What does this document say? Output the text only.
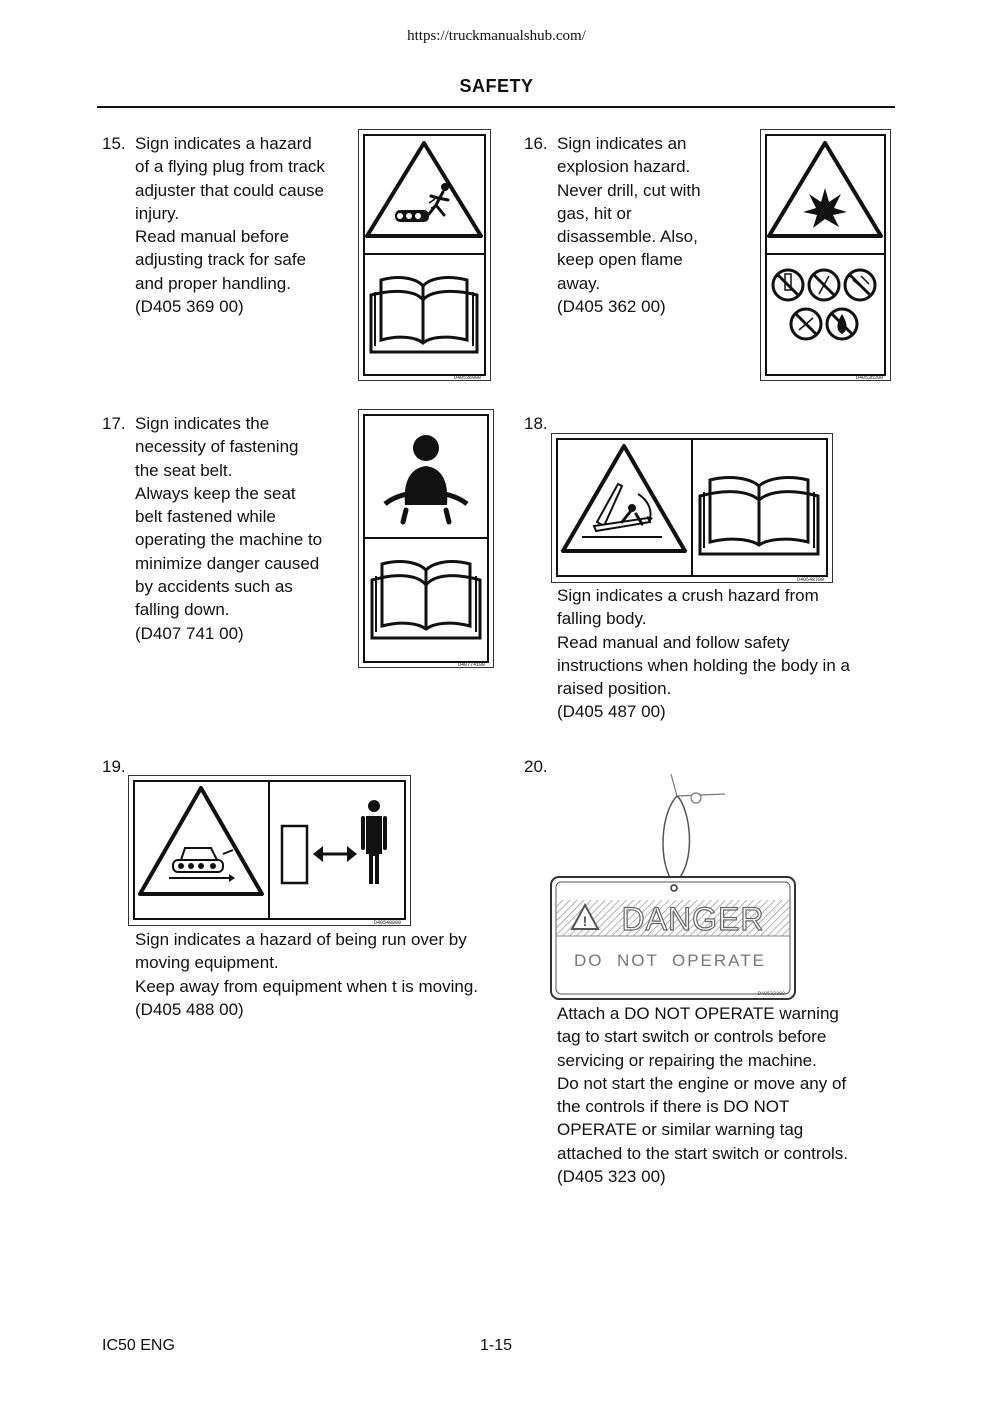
https://truckmanualshub.com/
SAFETY
15. Sign indicates a hazard
of a flying plug from track
adjuster that could cause
injury.
Read manual before
adjusting track for safe
and proper handling.
(D405 369 00)
D40536900
16. Sign indicates an
explosion hazard.
Never drill, cut with
gas, hit or
disassemble. Also,
keep open flame
away.
(D405 362 00)
D40536200
17. Sign indicates the
necessity of fastening
the seat belt.
Always keep the seat
belt fastened while
operating the machine to
minimize danger caused
by accidents such as
falling down.
(D407 741 00)
D40774100
18.
D40548700
Sign indicates a crush hazard from
falling body.
Read manual and follow safety
instructions when holding the body in a
raised position.
(D405 487 00)
19.
D40548800
Sign indicates a hazard of being run over by
moving equipment.
Keep away from equipment when t is moving.
(D405 488 00)
20.
! DANGER
DO  NOT  OPERATE
D40532300
Attach a DO NOT OPERATE warning
tag to start switch or controls before
servicing or repairing the machine.
Do not start the engine or move any of
the controls if there is DO NOT
OPERATE or similar warning tag
attached to the start switch or controls.
(D405 323 00)
IC50 ENG	1-15
